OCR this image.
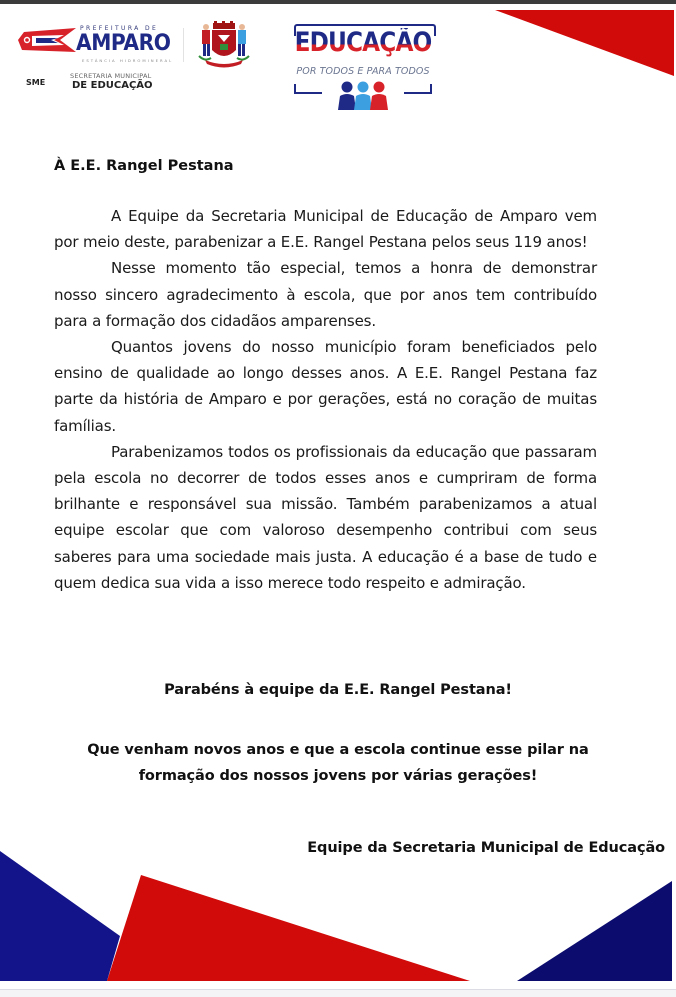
PREFEITURA DE
AMPARO
ESTÂNCIA HIDROMINERAL
SME
SECRETARIA MUNICIPAL
DE EDUCAÇÃO
EDUCAÇÃO
POR TODOS E PARA TODOS
À E.E. Rangel Pestana

A Equipe da Secretaria Municipal de Educação de Amparo vem por meio deste, parabenizar a E.E. Rangel Pestana pelos seus 119 anos!

Nesse momento tão especial, temos a honra de demonstrar nosso sincero agradecimento à escola, que por anos tem contribuído para a formação dos cidadãos amparenses.

Quantos jovens do nosso município foram beneficiados pelo ensino de qualidade ao longo desses anos. A E.E. Rangel Pestana faz parte da história de Amparo e por gerações, está no coração de muitas famílias.

Parabenizamos todos os profissionais da educação que passaram pela escola no decorrer de todos esses anos e cumpriram de forma brilhante e responsável sua missão. Também parabenizamos a atual equipe escolar que com valoroso desempenho contribui com seus saberes para uma sociedade mais justa. A educação é a base de tudo e quem dedica sua vida a isso merece todo respeito e admiração.

Parabéns à equipe da E.E. Rangel Pestana!
Que venham novos anos e que a escola continue esse pilar na formação dos nossos jovens por várias gerações!
Equipe da Secretaria Municipal de Educação
